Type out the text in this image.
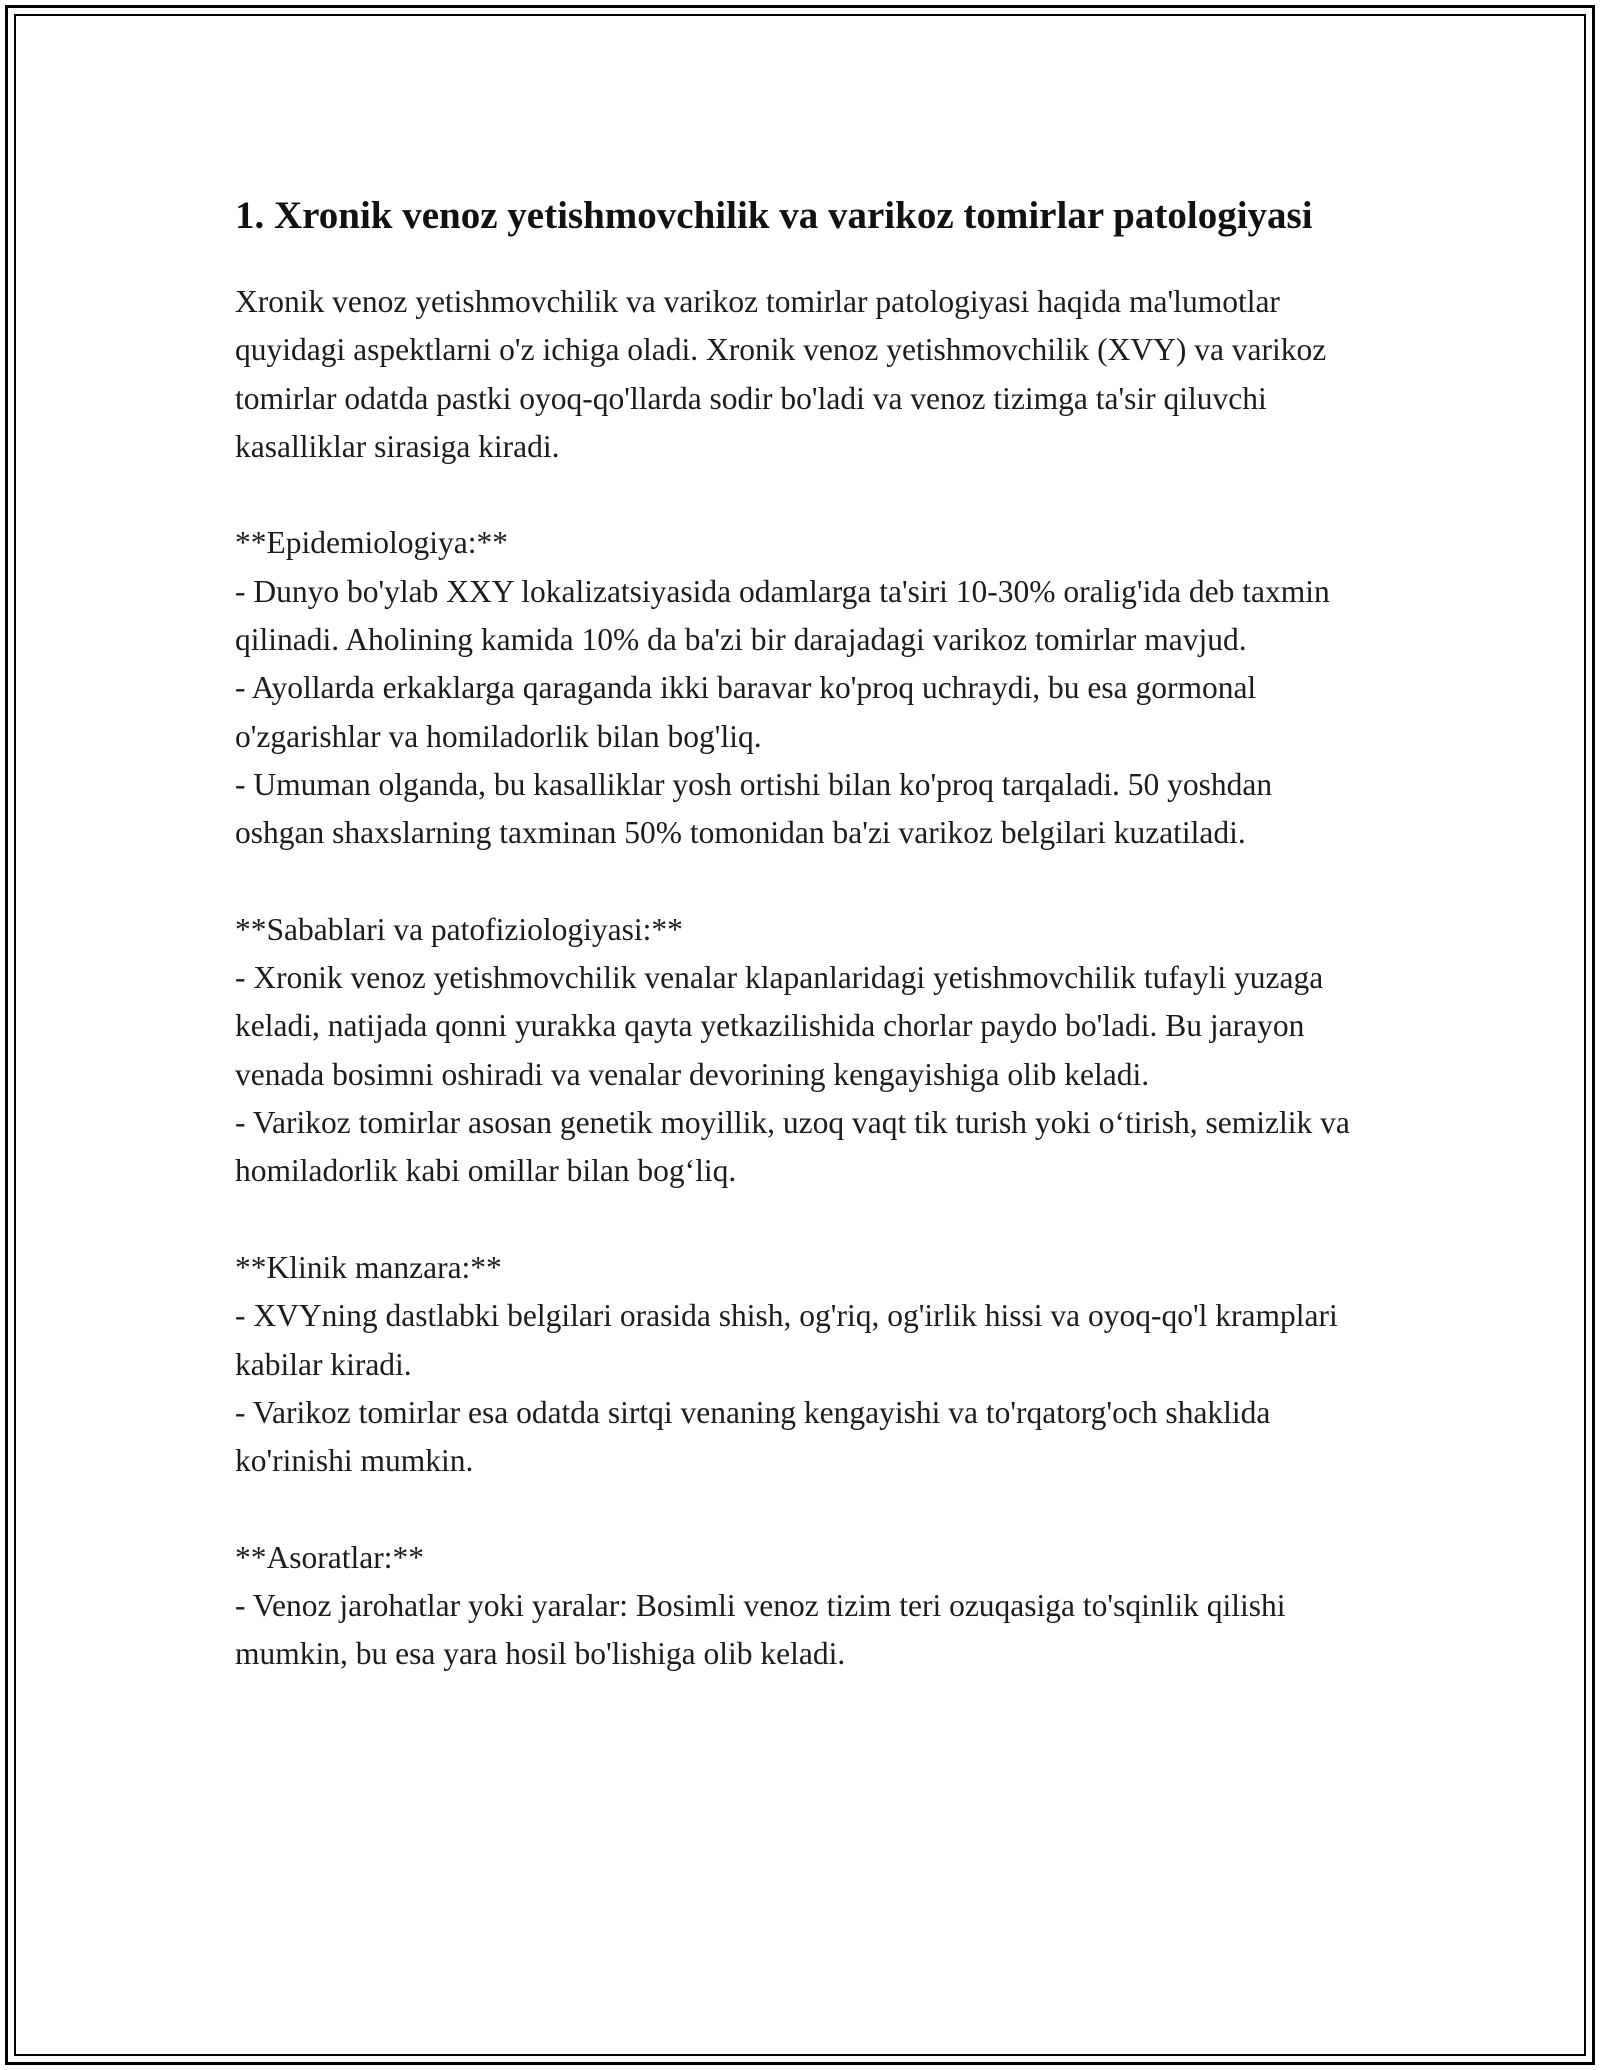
1. Xronik venoz yetishmovchilik va varikoz tomirlar patologiyasi

Xronik venoz yetishmovchilik va varikoz tomirlar patologiyasi haqida ma'lumotlar quyidagi aspektlarni o'z ichiga oladi. Xronik venoz yetishmovchilik (XVY) va varikoz tomirlar odatda pastki oyoq-qo'llarda sodir bo'ladi va venoz tizimga ta'sir qiluvchi kasalliklar sirasiga kiradi.

**Epidemiologiya:**

- Dunyo bo'ylab XXY lokalizatsiyasida odamlarga ta'siri 10-30% oralig'ida deb taxmin qilinadi. Aholining kamida 10% da ba'zi bir darajadagi varikoz tomirlar mavjud.

- Ayollarda erkaklarga qaraganda ikki baravar ko'proq uchraydi, bu esa gormonal o'zgarishlar va homiladorlik bilan bog'liq.

- Umuman olganda, bu kasalliklar yosh ortishi bilan ko'proq tarqaladi. 50 yoshdan oshgan shaxslarning taxminan 50% tomonidan ba'zi varikoz belgilari kuzatiladi.

**Sabablari va patofiziologiyasi:**

- Xronik venoz yetishmovchilik venalar klapanlaridagi yetishmovchilik tufayli yuzaga keladi, natijada qonni yurakka qayta yetkazilishida chorlar paydo bo'ladi. Bu jarayon venada bosimni oshiradi va venalar devorining kengayishiga olib keladi.

- Varikoz tomirlar asosan genetik moyillik, uzoq vaqt tik turish yoki o‘tirish, semizlik va homiladorlik kabi omillar bilan bog‘liq.

**Klinik manzara:**

- XVYning dastlabki belgilari orasida shish, og'riq, og'irlik hissi va oyoq-qo'l kramplari kabilar kiradi.

- Varikoz tomirlar esa odatda sirtqi venaning kengayishi va to'rqatorg'och shaklida ko'rinishi mumkin.

**Asoratlar:**

- Venoz jarohatlar yoki yaralar: Bosimli venoz tizim teri ozuqasiga to'sqinlik qilishi mumkin, bu esa yara hosil bo'lishiga olib keladi.
